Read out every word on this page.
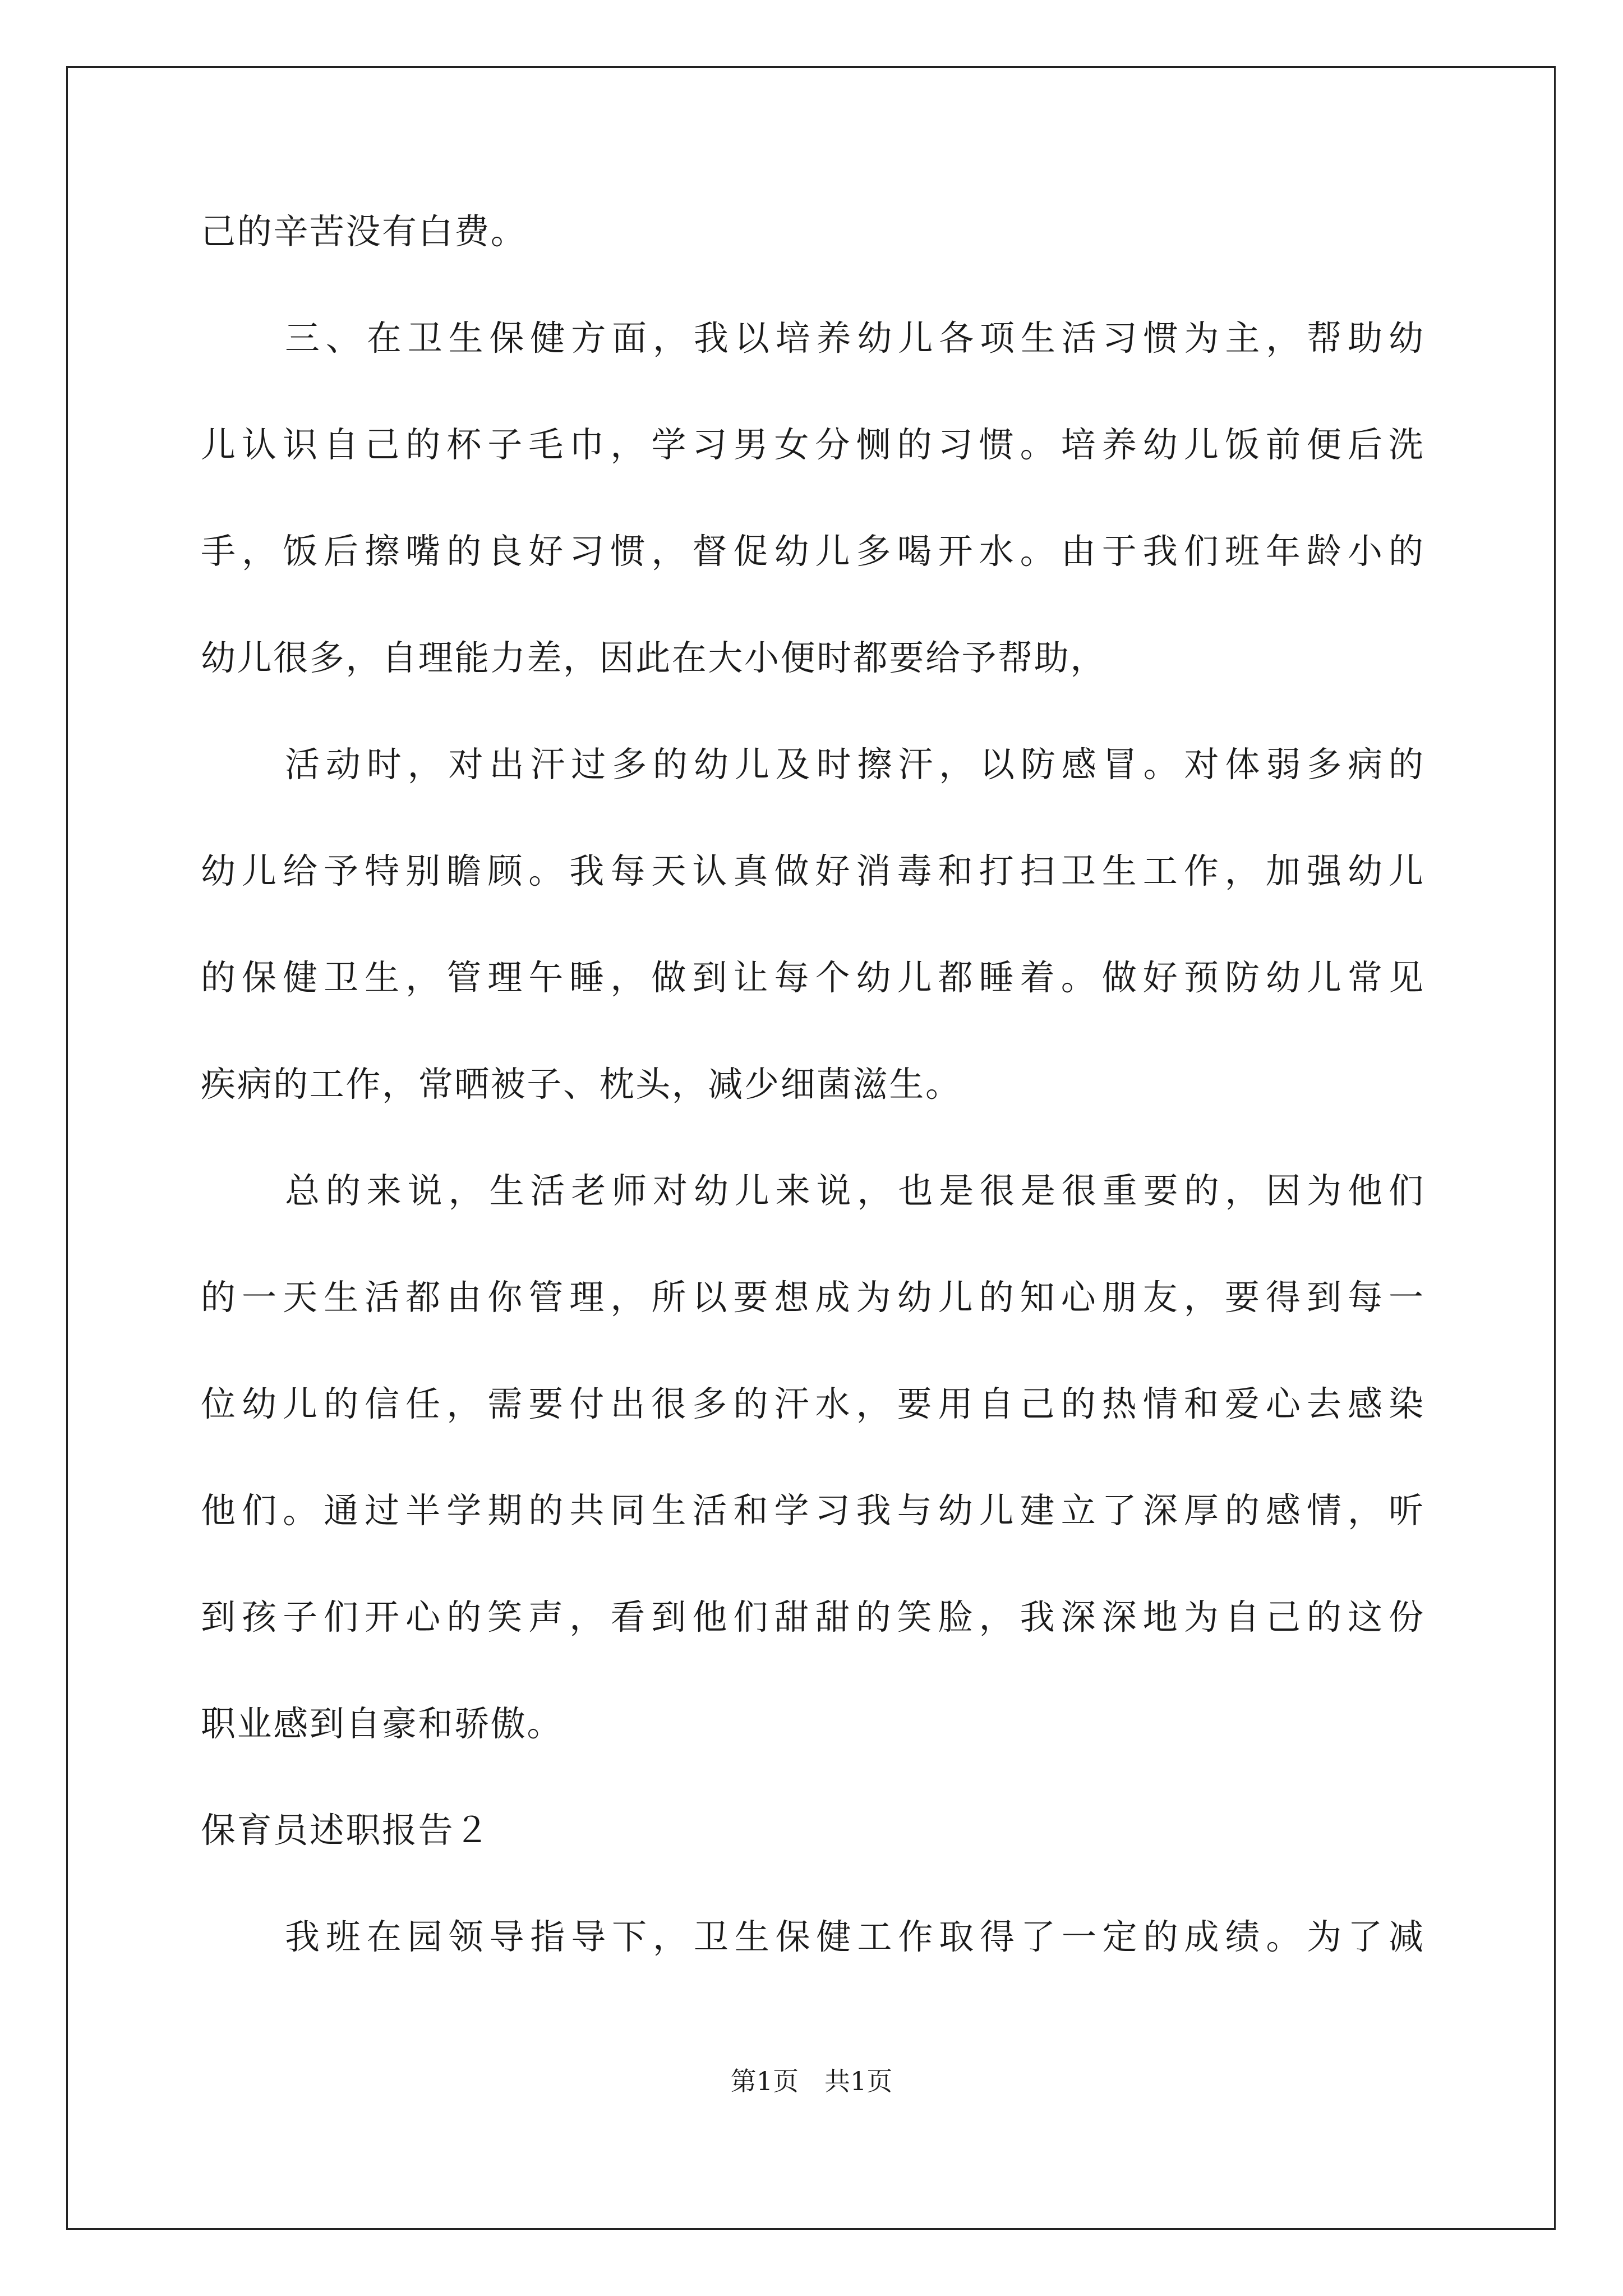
己的辛苦没有白费。
三、在卫生保健方面，我以培养幼儿各项生活习惯为主，帮助幼
儿认识自己的杯子毛巾，学习男女分恻的习惯。培养幼儿饭前便后洗
手，饭后擦嘴的良好习惯，督促幼儿多喝开水。由于我们班年龄小的
幼儿很多，自理能力差，因此在大小便时都要给予帮助，
活动时，对出汗过多的幼儿及时擦汗，以防感冒。对体弱多病的
幼儿给予特别瞻顾。我每天认真做好消毒和打扫卫生工作，加强幼儿
的保健卫生，管理午睡，做到让每个幼儿都睡着。做好预防幼儿常见
疾病的工作，常晒被子、枕头，减少细菌滋生。
总的来说，生活老师对幼儿来说，也是很是很重要的，因为他们
的一天生活都由你管理，所以要想成为幼儿的知心朋友，要得到每一
位幼儿的信任，需要付出很多的汗水，要用自己的热情和爱心去感染
他们。通过半学期的共同生活和学习我与幼儿建立了深厚的感情，听
到孩子们开心的笑声，看到他们甜甜的笑脸，我深深地为自己的这份
职业感到自豪和骄傲。
保育员述职报告２
我班在园领导指导下，卫生保健工作取得了一定的成绩。为了减
第1页　共1页
